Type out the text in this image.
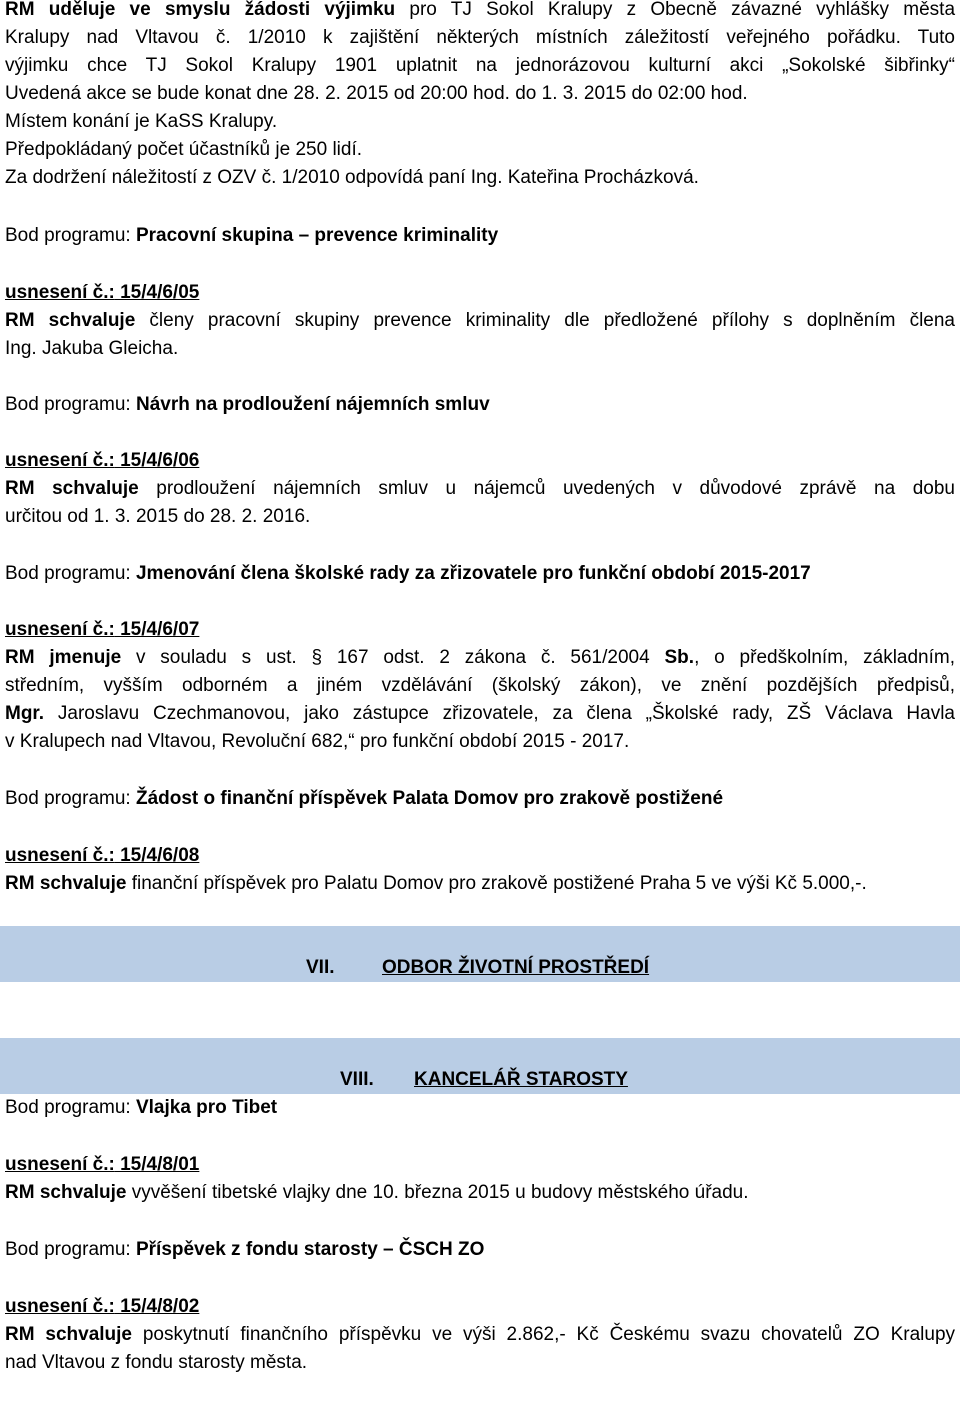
RM uděluje ve smyslu žádosti výjimku pro TJ Sokol Kralupy z Obecně závazné vyhlášky města
Kralupy nad Vltavou č. 1/2010 k zajištění některých místních záležitostí veřejného pořádku. Tuto
výjimku chce TJ Sokol Kralupy 1901 uplatnit na jednorázovou kulturní akci „Sokolské šibřinky“
Uvedená akce se bude konat dne 28. 2. 2015 od 20:00 hod. do 1. 3. 2015 do 02:00 hod.
Místem konání je KaSS Kralupy.
Předpokládaný počet účastníků je 250 lidí.
Za dodržení náležitostí z OZV č. 1/2010 odpovídá paní Ing. Kateřina Procházková.
Bod programu: Pracovní skupina – prevence kriminality
usnesení č.: 15/4/6/05
RM schvaluje členy pracovní skupiny prevence kriminality dle předložené přílohy s doplněním člena
Ing. Jakuba Gleicha.
Bod programu: Návrh na prodloužení nájemních smluv
usnesení č.: 15/4/6/06
RM schvaluje prodloužení nájemních smluv u nájemců uvedených v důvodové zprávě na dobu
určitou od 1. 3. 2015 do 28. 2. 2016.
Bod programu: Jmenování člena školské rady za zřizovatele pro funkční období 2015-2017
usnesení č.: 15/4/6/07
RM jmenuje v souladu s ust. § 167 odst. 2 zákona č. 561/2004 Sb., o předškolním, základním,
středním, vyšším odborném a jiném vzdělávání (školský zákon), ve znění pozdějších předpisů,
Mgr. Jaroslavu Czechmanovou, jako zástupce zřizovatele, za člena „Školské rady, ZŠ Václava Havla
v Kralupech nad Vltavou, Revoluční 682,“ pro funkční období 2015 - 2017.
Bod programu: Žádost o finanční příspěvek Palata Domov pro zrakově postižené
usnesení č.: 15/4/6/08
RM schvaluje finanční příspěvek pro Palatu Domov pro zrakově postižené Praha 5 ve výši Kč 5.000,-.
VII. ODBOR ŽIVOTNÍ PROSTŘEDÍ
VIII. KANCELÁŘ STAROSTY
Bod programu: Vlajka pro Tibet
usnesení č.: 15/4/8/01
RM schvaluje vyvěšení tibetské vlajky dne 10. března 2015 u budovy městského úřadu.
Bod programu: Příspěvek z fondu starosty – ČSCH ZO
usnesení č.: 15/4/8/02
RM schvaluje poskytnutí finančního příspěvku ve výši 2.862,- Kč Českému svazu chovatelů ZO Kralupy
nad Vltavou z fondu starosty města.
